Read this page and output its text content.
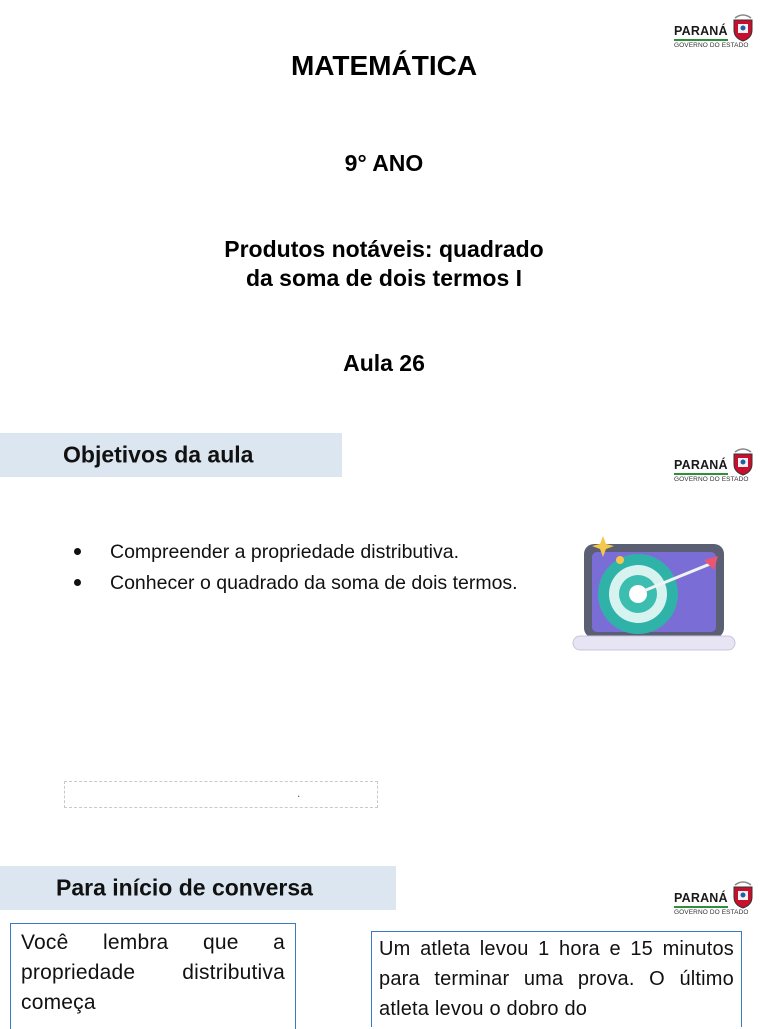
PARANÁ
GOVERNO DO ESTADO
MATEMÁTICA
9° ANO
Produtos notáveis: quadrado
da soma de dois termos I
Aula 26
Objetivos da aula	PARANÁ
GOVERNO DO ESTADO
Compreender a propriedade distributiva.
Conhecer o quadrado da soma de dois termos.
.
Para início de conversa	PARANÁ
GOVERNO DO ESTADO
Você lembra que a propriedade distributiva começa
Um atleta levou 1 hora e 15 minutos para terminar uma prova. O último atleta levou o dobro do
